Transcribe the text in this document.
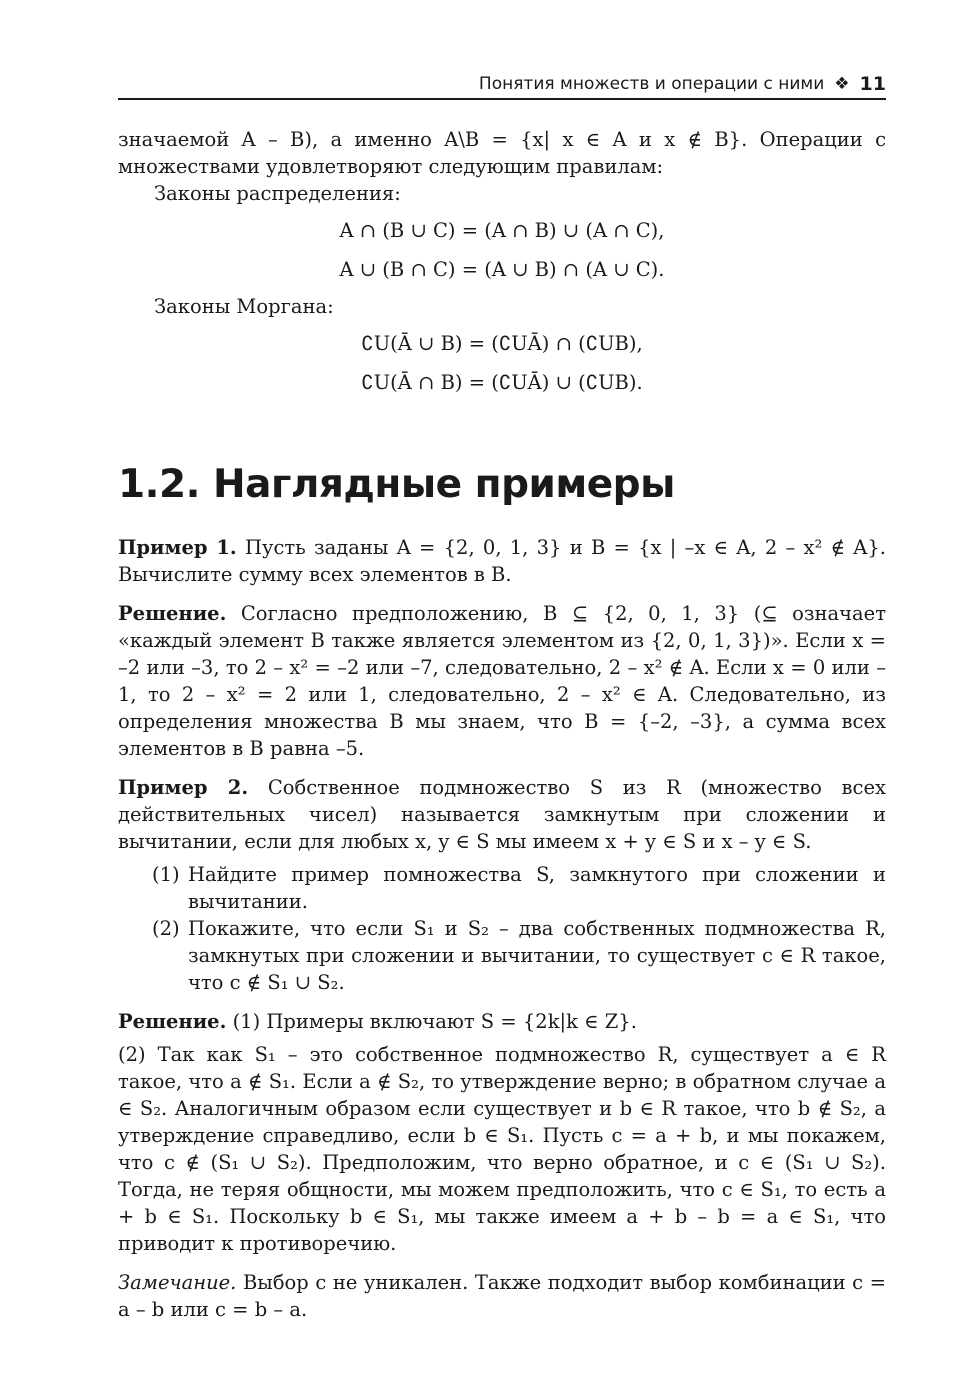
Понятия множеств и операции с ними ❖ 11

значаемой A – B), а именно A\B = {x| x ∈ A и x ∉ B}. Операции с множествами удовлетворяют следующим правилам:

Законы распределения:

A ∩ (B ∪ C) = (A ∩ B) ∪ (A ∩ C),
A ∪ (B ∩ C) = (A ∪ B) ∩ (A ∪ C).

Законы Моргана:

∁U(Ā ∪ B) = (∁UĀ) ∩ (∁UB),
∁U(Ā ∩ B) = (∁UĀ) ∪ (∁UB).
1.2. Наглядные примеры

Пример 1. Пусть заданы A = {2, 0, 1, 3} и B = {x | –x ∈ A, 2 – x² ∉ A}. Вычислите сумму всех элементов в B.

Решение. Согласно предположению, B ⊆ {2, 0, 1, 3} (⊆ означает «каждый элемент B также является элементом из {2, 0, 1, 3})». Если x = –2 или –3, то 2 – x² = –2 или –7, следовательно, 2 – x² ∉ A. Если x = 0 или –1, то 2 – x² = 2 или 1, следовательно, 2 – x² ∈ A. Следовательно, из определения множества B мы знаем, что B = {–2, –3}, а сумма всех элементов в B равна –5.

Пример 2. Собственное подмножество S из R (множество всех действительных чисел) называется замкнутым при сложении и вычитании, если для любых x, y ∈ S мы имеем x + y ∈ S и x – y ∈ S.

(1) Найдите пример помножества S, замкнутого при сложении и вычитании.
(2) Покажите, что если S₁ и S₂ – два собственных подмножества R, замкнутых при сложении и вычитании, то существует c ∈ R такое, что c ∉ S₁ ∪ S₂.

Решение. (1) Примеры включают S = {2k|k ∈ Z}.

(2) Так как S₁ – это собственное подмножество R, существует a ∈ R такое, что a ∉ S₁. Если a ∉ S₂, то утверждение верно; в обратном случае a ∈ S₂. Аналогичным образом если существует и b ∈ R такое, что b ∉ S₂, а утверждение справедливо, если b ∈ S₁. Пусть c = a + b, и мы покажем, что c ∉ (S₁ ∪ S₂). Предположим, что верно обратное, и c ∈ (S₁ ∪ S₂). Тогда, не теряя общности, мы можем предположить, что c ∈ S₁, то есть a + b ∈ S₁. Поскольку b ∈ S₁, мы также имеем a + b – b = a ∈ S₁, что приводит к противоречию.

Замечание. Выбор c не уникален. Также подходит выбор комбинации c = a – b или c = b – a.
